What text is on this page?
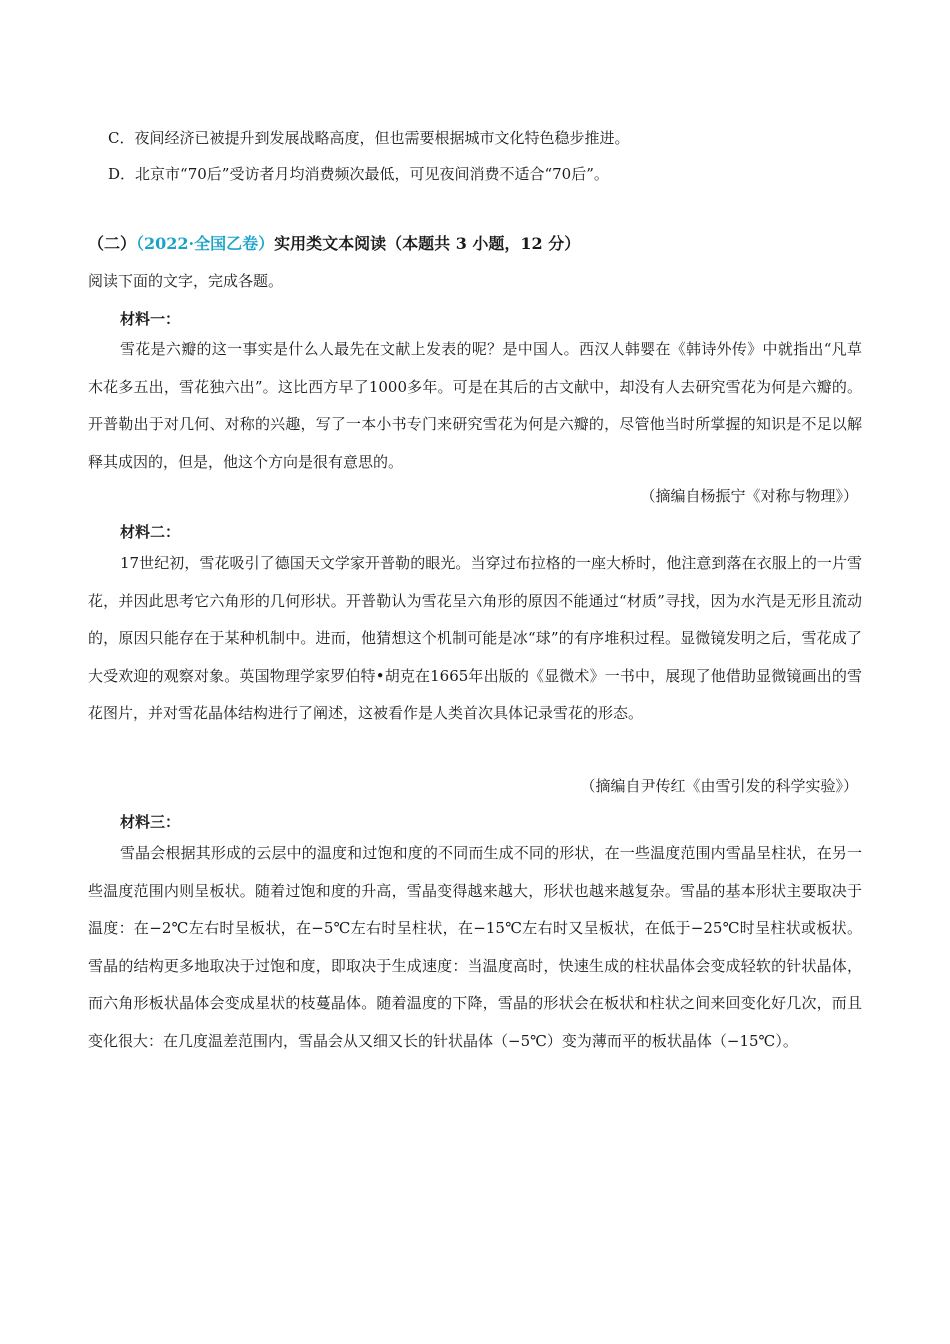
C．夜间经济已被提升到发展战略高度，但也需要根据城市文化特色稳步推进。
D．北京市“70后”受访者月均消费频次最低，可见夜间消费不适合“70后”。
（二）（2022·全国乙卷）实用类文本阅读（本题共 3 小题，12 分）
阅读下面的文字，完成各题。
材料一：

雪花是六瓣的这一事实是什么人最先在文献上发表的呢？是中国人。西汉人韩婴在《韩诗外传》中就指出“凡草木花多五出，雪花独六出”。这比西方早了1000多年。可是在其后的古文献中，却没有人去研究雪花为何是六瓣的。开普勒出于对几何、对称的兴趣，写了一本小书专门来研究雪花为何是六瓣的，尽管他当时所掌握的知识是不足以解释其成因的，但是，他这个方向是很有意思的。

（摘编自杨振宁《对称与物理》）
材料二：

17世纪初，雪花吸引了德国天文学家开普勒的眼光。当穿过布拉格的一座大桥时，他注意到落在衣服上的一片雪花，并因此思考它六角形的几何形状。开普勒认为雪花呈六角形的原因不能通过“材质”寻找，因为水汽是无形且流动的，原因只能存在于某种机制中。进而，他猜想这个机制可能是冰“球”的有序堆积过程。显微镜发明之后，雪花成了大受欢迎的观察对象。英国物理学家罗伯特•胡克在1665年出版的《显微术》一书中，展现了他借助显微镜画出的雪花图片，并对雪花晶体结构进行了阐述，这被看作是人类首次具体记录雪花的形态。

（摘编自尹传红《由雪引发的科学实验》）
材料三：

雪晶会根据其形成的云层中的温度和过饱和度的不同而生成不同的形状，在一些温度范围内雪晶呈柱状，在另一些温度范围内则呈板状。随着过饱和度的升高，雪晶变得越来越大，形状也越来越复杂。雪晶的基本形状主要取决于温度：在−2℃左右时呈板状，在−5℃左右时呈柱状，在−15℃左右时又呈板状，在低于−25℃时呈柱状或板状。雪晶的结构更多地取决于过饱和度，即取决于生成速度：当温度高时，快速生成的柱状晶体会变成轻软的针状晶体，而六角形板状晶体会变成星状的枝蔓晶体。随着温度的下降，雪晶的形状会在板状和柱状之间来回变化好几次，而且变化很大：在几度温差范围内，雪晶会从又细又长的针状晶体（−5℃）变为薄而平的板状晶体（−15℃）。
